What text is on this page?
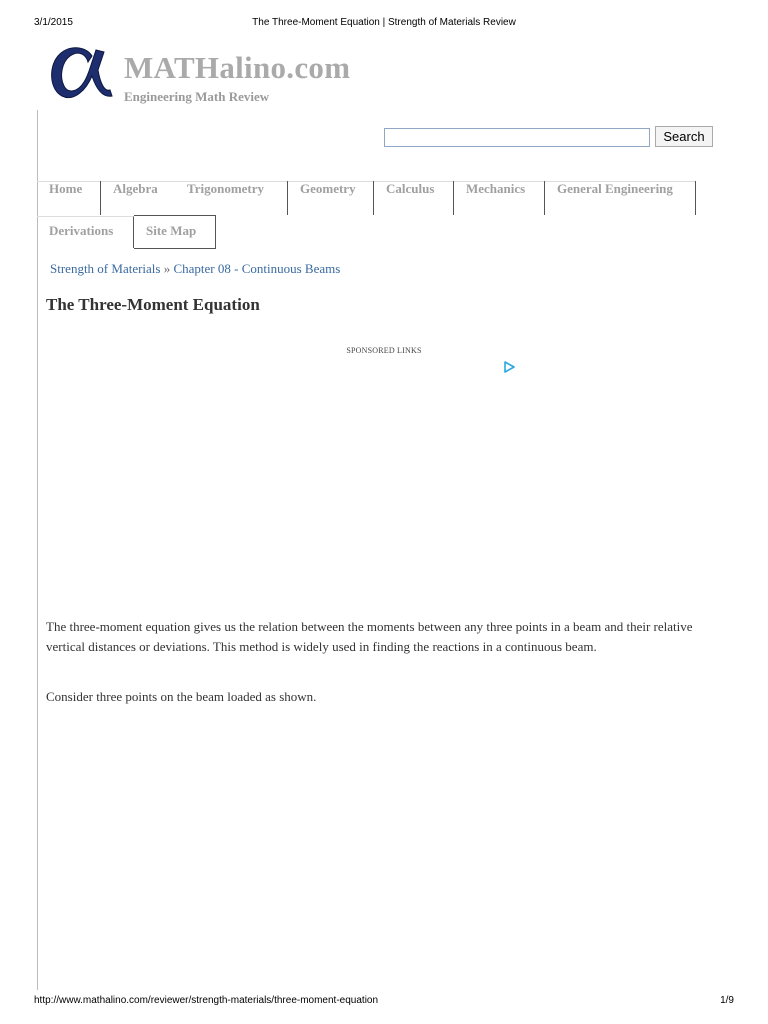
3/1/2015	The Three-Moment Equation | Strength of Materials Review
MATHalino.com
Engineering Math Review
Search
Home	Algebra	Trigonometry	Geometry	Calculus	Mechanics	General Engineering
Derivations	Site Map
Strength of Materials » Chapter 08 - Continuous Beams
The Three-Moment Equation
SPONSORED LINKS

The three-moment equation gives us the relation between the moments between any three points in a beam and their relative vertical distances or deviations. This method is widely used in finding the reactions in a continuous beam.

Consider three points on the beam loaded as shown.

http://www.mathalino.com/reviewer/strength-materials/three-moment-equation	1/9
